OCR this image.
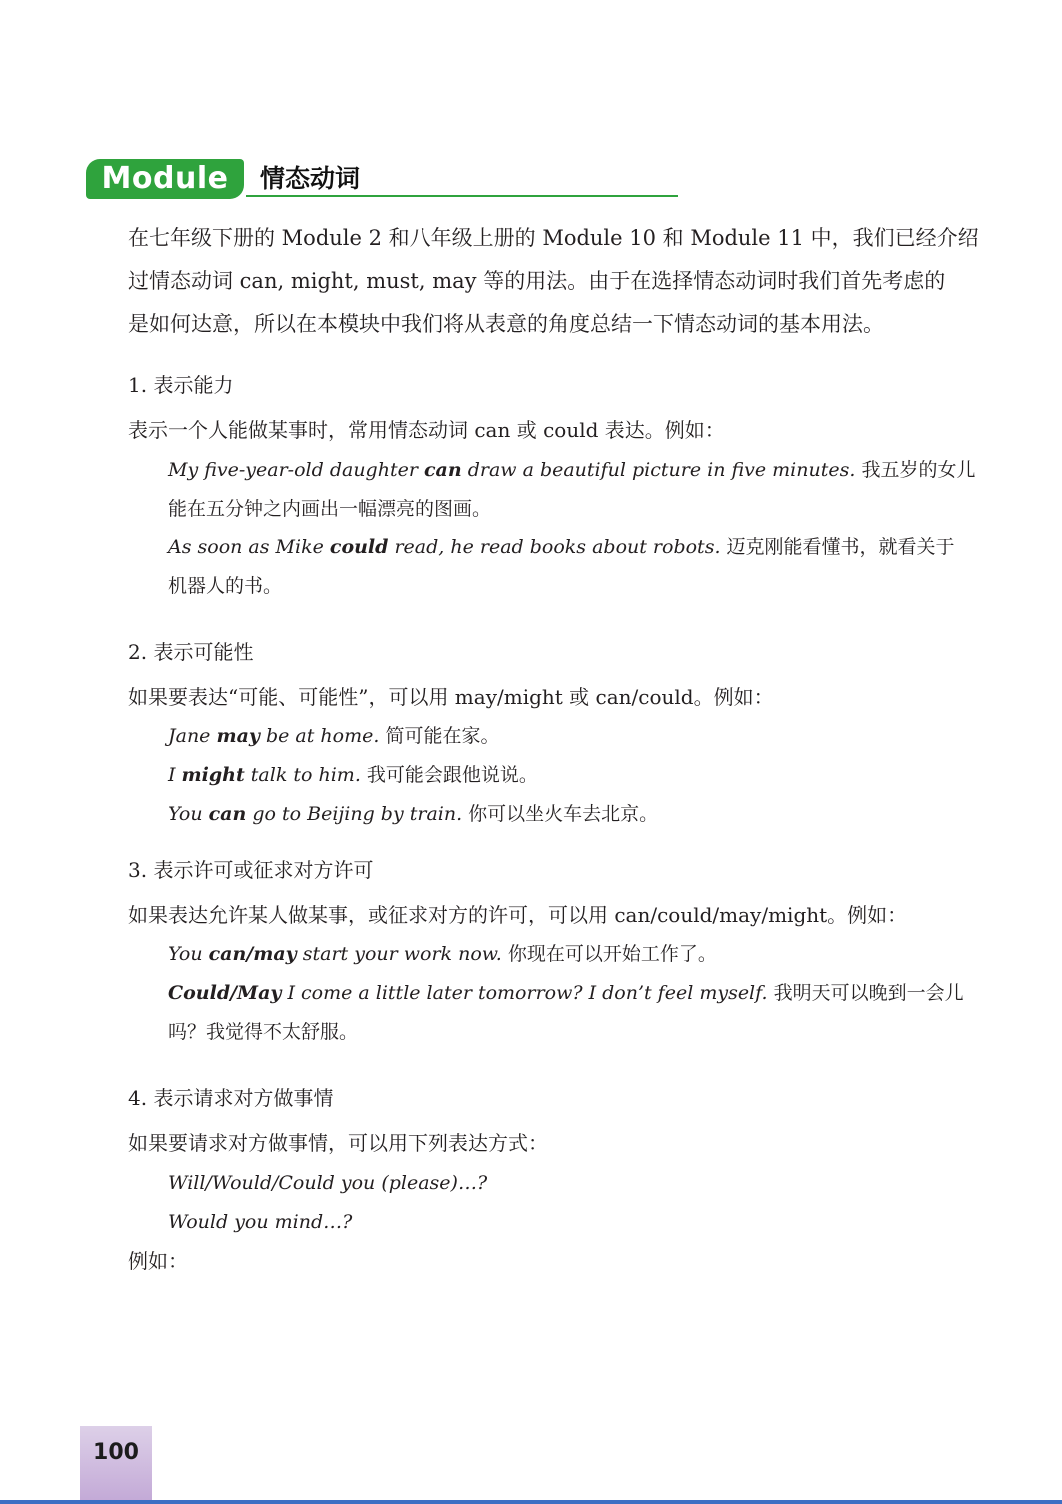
Module 4
情态动词
在七年级下册的 Module 2 和八年级上册的 Module 10 和 Module 11 中，我们已经介绍
过情态动词 can, might, must, may 等的用法。由于在选择情态动词时我们首先考虑的
是如何达意，所以在本模块中我们将从表意的角度总结一下情态动词的基本用法。
1. 表示能力
表示一个人能做某事时，常用情态动词 can 或 could 表达。例如：
My five-year-old daughter can draw a beautiful picture in five minutes. 我五岁的女儿
能在五分钟之内画出一幅漂亮的图画。
As soon as Mike could read, he read books about robots. 迈克刚能看懂书，就看关于
机器人的书。
2. 表示可能性
如果要表达“可能、可能性”，可以用 may/might 或 can/could。例如：
Jane may be at home. 简可能在家。
I might talk to him. 我可能会跟他说说。
You can go to Beijing by train. 你可以坐火车去北京。
3. 表示许可或征求对方许可
如果表达允许某人做某事，或征求对方的许可，可以用 can/could/may/might。例如：
You can/may start your work now. 你现在可以开始工作了。
Could/May I come a little later tomorrow? I don’t feel myself. 我明天可以晚到一会儿
吗？我觉得不太舒服。
4. 表示请求对方做事情
如果要请求对方做事情，可以用下列表达方式：
Will/Would/Could you (please)…?
Would you mind…?
例如：
100
